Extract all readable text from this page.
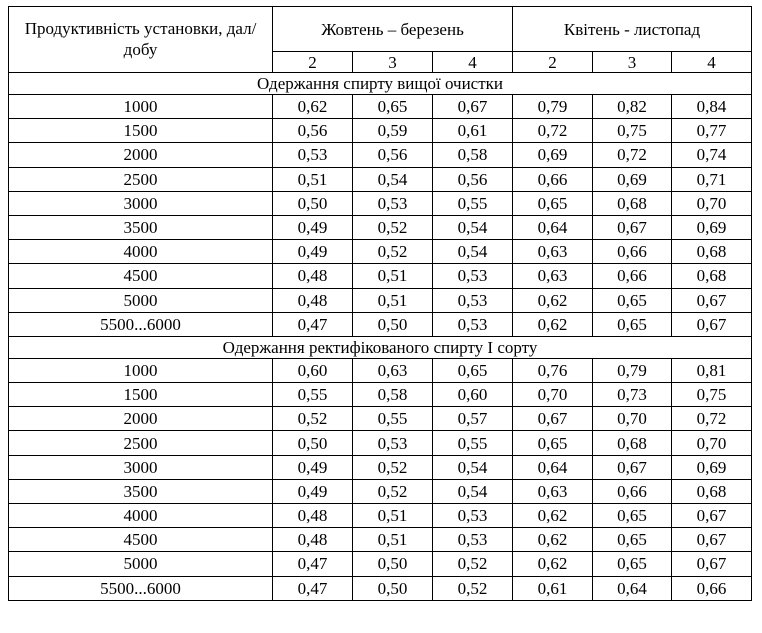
Продуктивність установки, дал/добу	Жовтень – березень			Квітень - листопад		
	2	3	4	2	3	4
Одержання спирту вищої очистки						
1000	0,62	0,65	0,67	0,79	0,82	0,84
1500	0,56	0,59	0,61	0,72	0,75	0,77
2000	0,53	0,56	0,58	0,69	0,72	0,74
2500	0,51	0,54	0,56	0,66	0,69	0,71
3000	0,50	0,53	0,55	0,65	0,68	0,70
3500	0,49	0,52	0,54	0,64	0,67	0,69
4000	0,49	0,52	0,54	0,63	0,66	0,68
4500	0,48	0,51	0,53	0,63	0,66	0,68
5000	0,48	0,51	0,53	0,62	0,65	0,67
5500...6000	0,47	0,50	0,53	0,62	0,65	0,67
Одержання ректифікованого спирту І сорту						
1000	0,60	0,63	0,65	0,76	0,79	0,81
1500	0,55	0,58	0,60	0,70	0,73	0,75
2000	0,52	0,55	0,57	0,67	0,70	0,72
2500	0,50	0,53	0,55	0,65	0,68	0,70
3000	0,49	0,52	0,54	0,64	0,67	0,69
3500	0,49	0,52	0,54	0,63	0,66	0,68
4000	0,48	0,51	0,53	0,62	0,65	0,67
4500	0,48	0,51	0,53	0,62	0,65	0,67
5000	0,47	0,50	0,52	0,62	0,65	0,67
5500...6000	0,47	0,50	0,52	0,61	0,64	0,66
